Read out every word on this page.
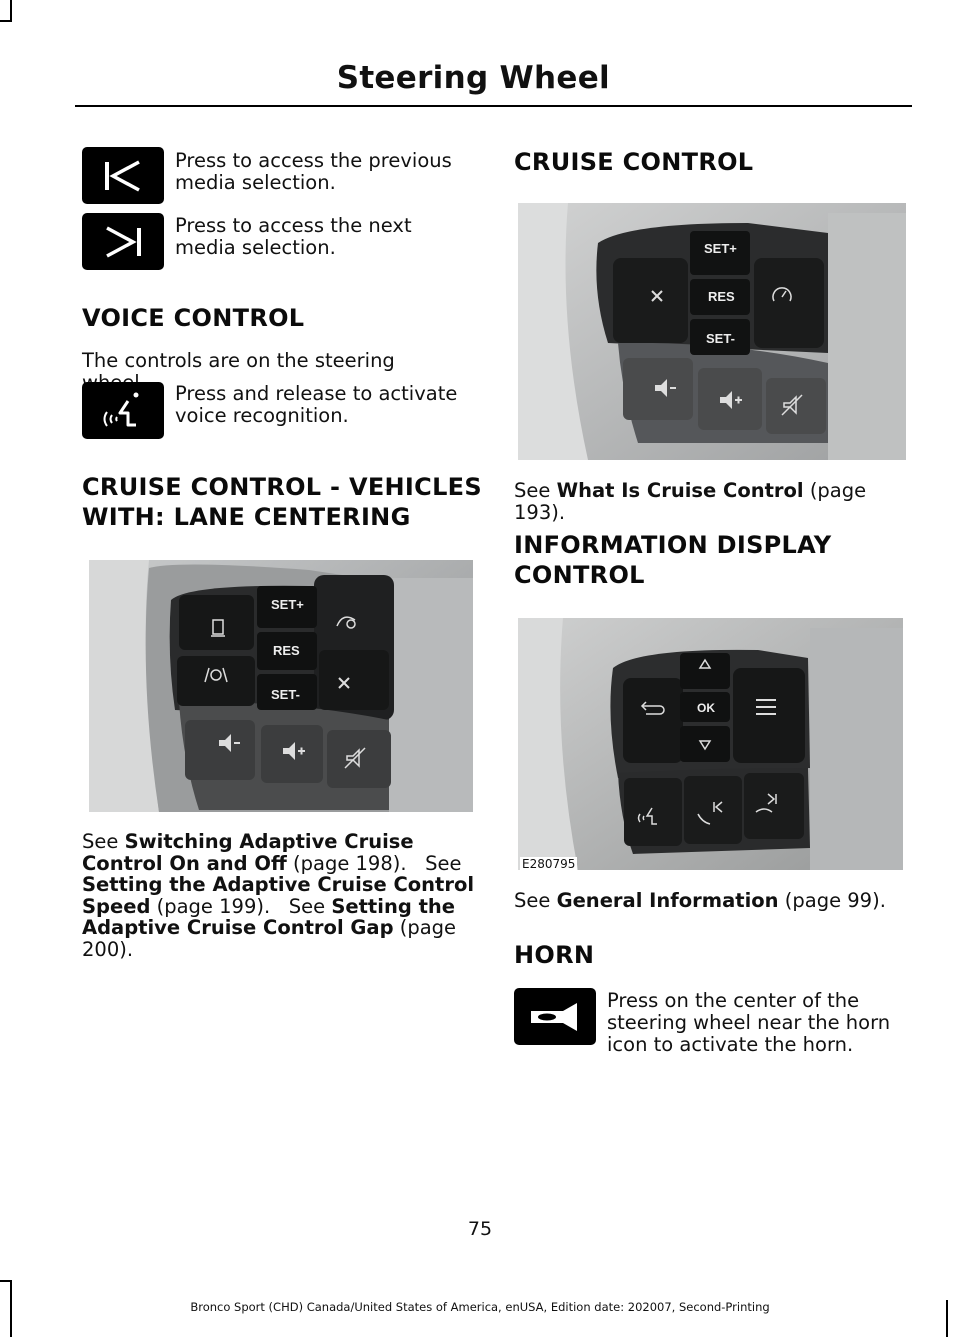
Steering Wheel
Press to access the previous media selection.
Press to access the next media selection.
VOICE CONTROL
The controls are on the steering
Press and release to activate voice recognition.
CRUISE CONTROL - VEHICLES
WITH: LANE CENTERING
SET+
RES
SET-
See Switching Adaptive Cruise Control On and Off (page 198). See Setting the Adaptive Cruise Control Speed (page 199). See Setting the Adaptive Cruise Control Gap (page 200).
CRUISE CONTROL
SET+
RES
SET-
See What Is Cruise Control (page 193).
INFORMATION DISPLAY
CONTROL
OK
E280795
See General Information (page 99).
HORN
Press on the center of the steering wheel near the horn icon to activate the horn.
75
Bronco Sport (CHD) Canada/United States of America, enUSA, Edition date: 202007, Second-Printing
